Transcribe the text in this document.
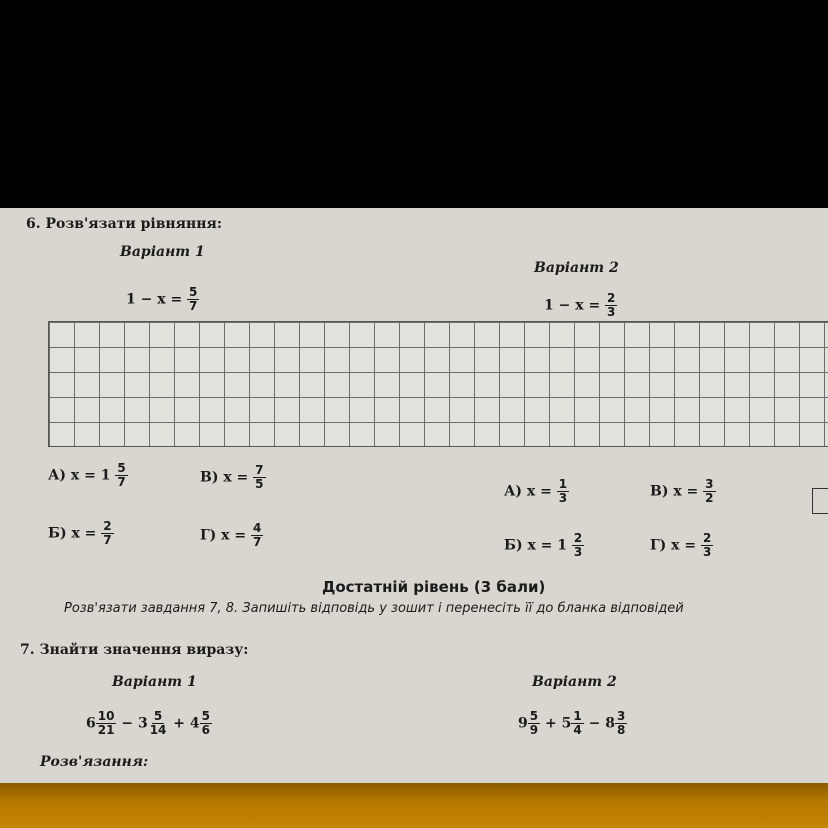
6. Розв'язати рівняння:
Варіант 1
Варіант 2
$1 - x = \frac{5}{7}$	$1 - x = \frac{2}{3}$
А) $x = 1 \frac{5}{7}$	В) $x = \frac{7}{5}$
Б) $x = \frac{2}{7}$	Г) $x = \frac{4}{7}$
А) $x = \frac{1}{3}$	В) $x = \frac{3}{2}$
Б) $x = 1 \frac{2}{3}$	Г) $x = \frac{2}{3}$
Достатній рівень (3 бали)
Розв'язати завдання 7, 8. Запишіть відповідь у зошит і перенесіть її до бланка відповідей
7. Знайти значення виразу:
Варіант 1	Варіант 2
$6 \frac{10}{21} - 3 \frac{5}{14} + 4 \frac{5}{6}$	$9 \frac{5}{9} + 5 \frac{1}{4} - 8 \frac{3}{8}$
Розв'язання:
